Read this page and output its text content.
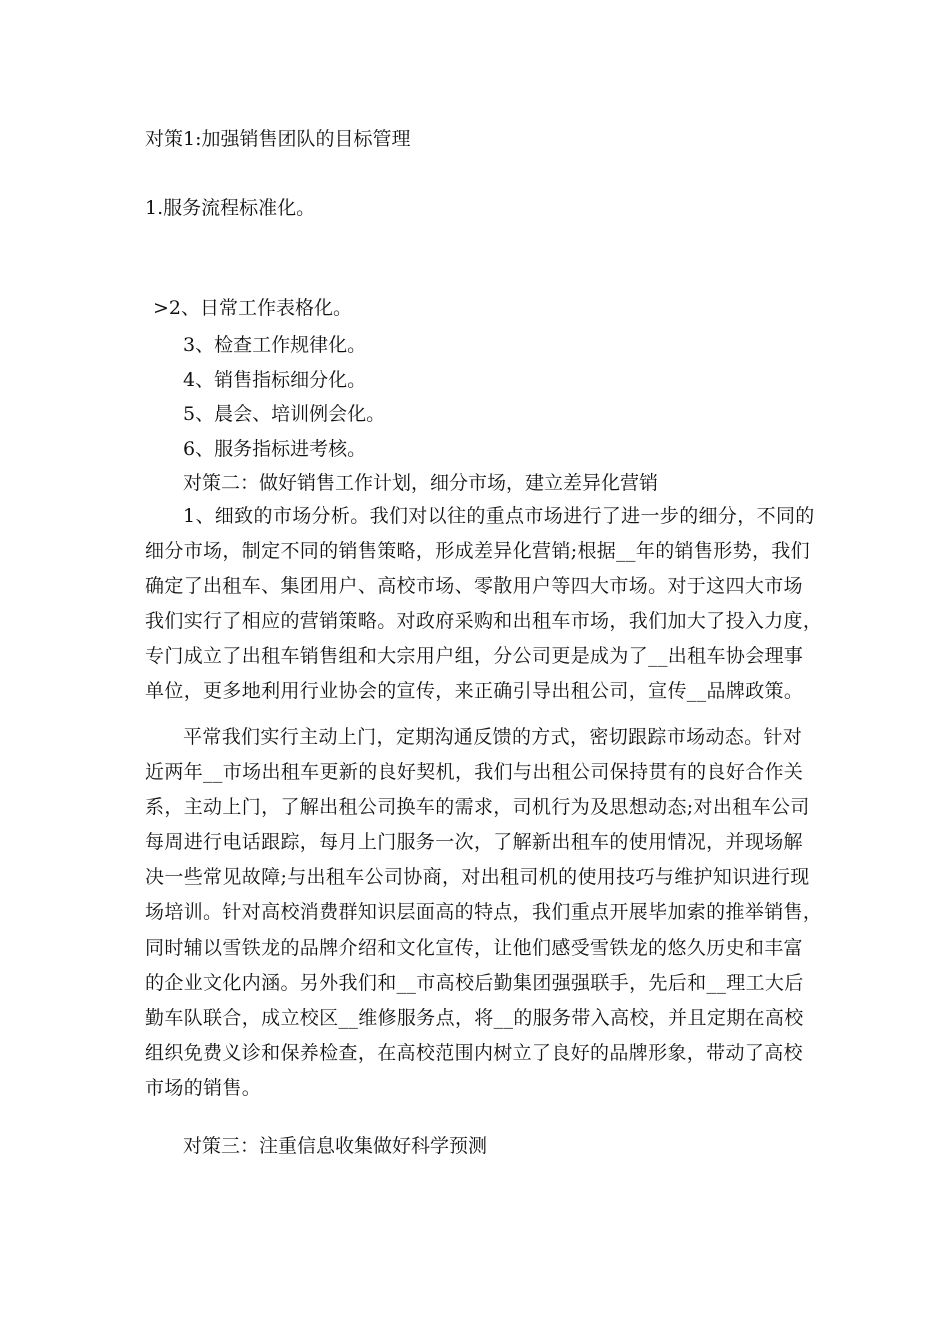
对策1:加强销售团队的目标管理
1.服务流程标准化。
>2、日常工作表格化。
3、检查工作规律化。
4、销售指标细分化。
5、晨会、培训例会化。
6、服务指标进考核。
对策二：做好销售工作计划，细分市场，建立差异化营销
1、细致的市场分析。我们对以往的重点市场进行了进一步的细分，不同的
细分市场，制定不同的销售策略，形成差异化营销;根据__年的销售形势，我们
确定了出租车、集团用户、高校市场、零散用户等四大市场。对于这四大市场
我们实行了相应的营销策略。对政府采购和出租车市场，我们加大了投入力度，
专门成立了出租车销售组和大宗用户组，分公司更是成为了__出租车协会理事
单位，更多地利用行业协会的宣传，来正确引导出租公司，宣传__品牌政策。
平常我们实行主动上门，定期沟通反馈的方式，密切跟踪市场动态。针对
近两年__市场出租车更新的良好契机，我们与出租公司保持贯有的良好合作关
系，主动上门，了解出租公司换车的需求，司机行为及思想动态;对出租车公司
每周进行电话跟踪，每月上门服务一次，了解新出租车的使用情况，并现场解
决一些常见故障;与出租车公司协商，对出租司机的使用技巧与维护知识进行现
场培训。针对高校消费群知识层面高的特点，我们重点开展毕加索的推举销售，
同时辅以雪铁龙的品牌介绍和文化宣传，让他们感受雪铁龙的悠久历史和丰富
的企业文化内涵。另外我们和__市高校后勤集团强强联手，先后和__理工大后
勤车队联合，成立校区__维修服务点，将__的服务带入高校，并且定期在高校
组织免费义诊和保养检查，在高校范围内树立了良好的品牌形象，带动了高校
市场的销售。
对策三：注重信息收集做好科学预测
